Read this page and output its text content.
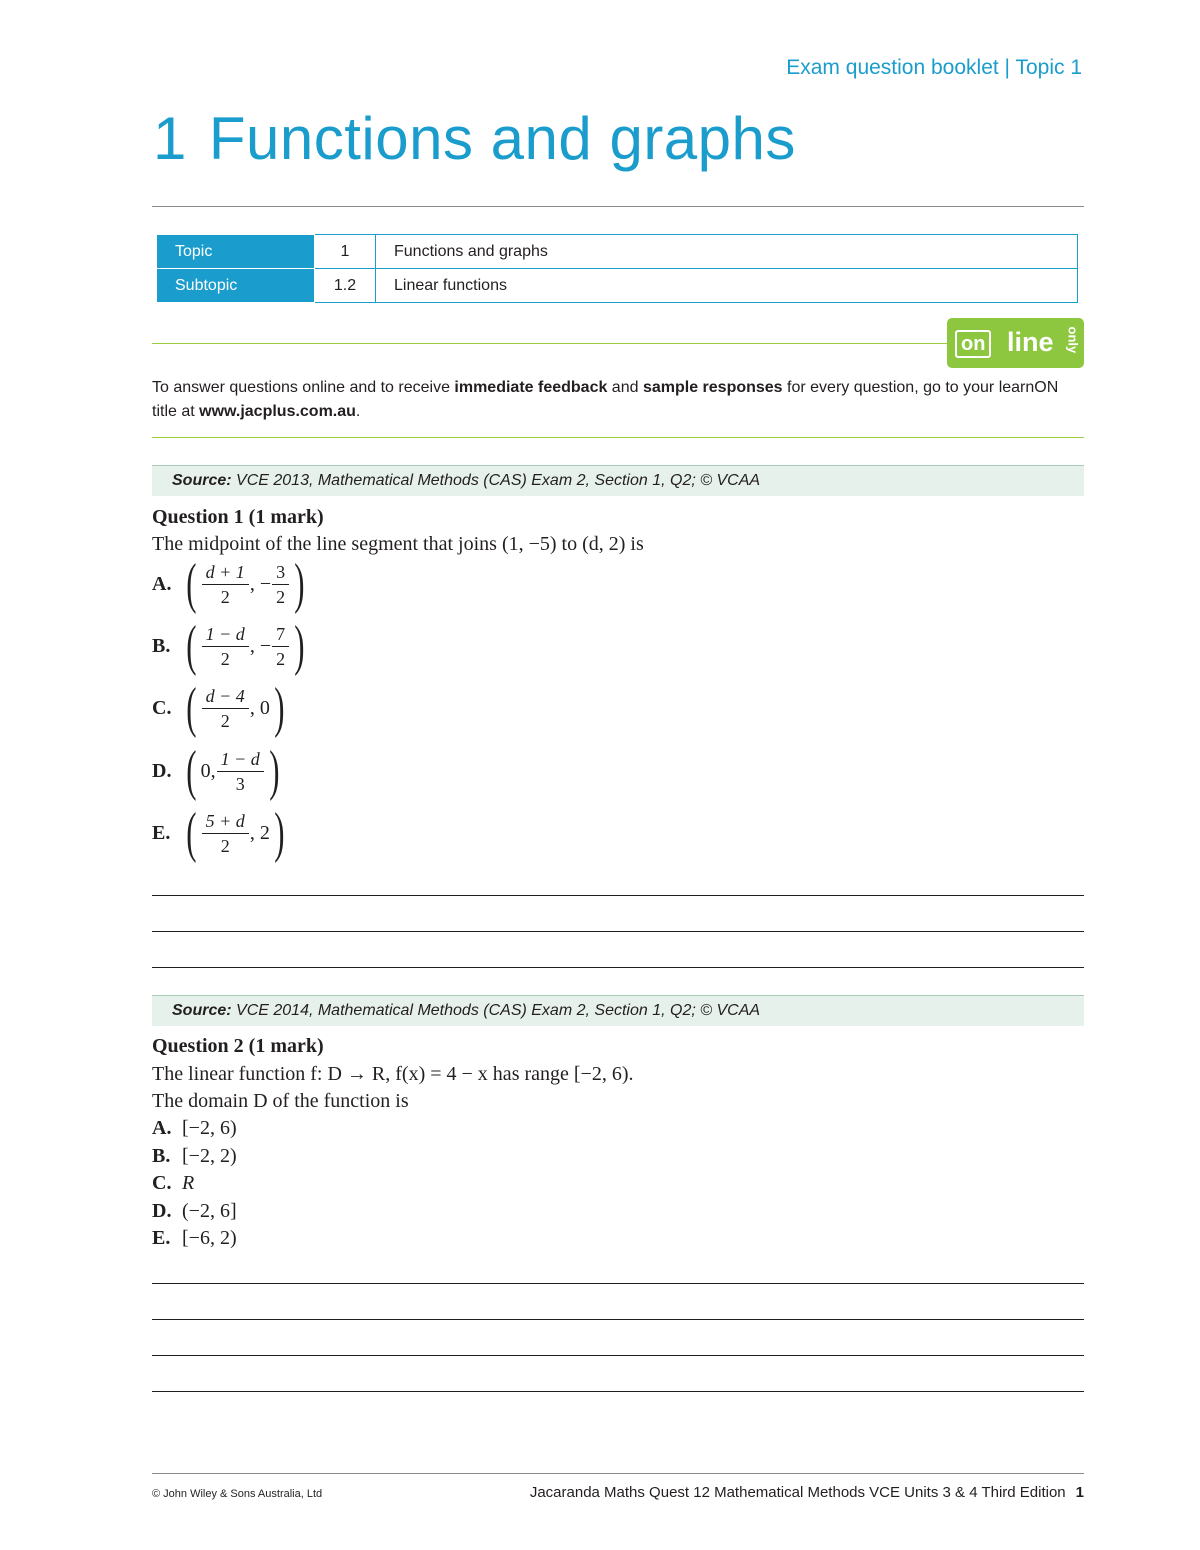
Exam question booklet | Topic 1
1 Functions and graphs
Topic	1	Functions and graphs
Subtopic	1.2	Linear functions
on line only
To answer questions online and to receive immediate feedback and sample responses for every question, go to your learnON title at www.jacplus.com.au.
Source: VCE 2013, Mathematical Methods (CAS) Exam 2, Section 1, Q2; © VCAA
Question 1 (1 mark)
The midpoint of the line segment that joins (1, −5) to (d, 2) is
A. ( $\frac{d + 1}{2}$ , − $\frac{3}{2}$ )
B. ( $\frac{1 - d}{2}$ , − $\frac{7}{2}$ )
C. ( $\frac{d - 4}{2}$ , 0 )
D. ( 0, $\frac{1 - d}{3}$ )
E. ( $\frac{5 + d}{2}$ , 2 )
Source: VCE 2014, Mathematical Methods (CAS) Exam 2, Section 1, Q2; © VCAA
Question 2 (1 mark)
The linear function f: D → R, f(x) = 4 − x has range [−2, 6).
The domain D of the function is
A. [−2, 6)
B. [−2, 2)
C. R
D. (−2, 6]
E. [−6, 2)
© John Wiley & Sons Australia, Ltd	Jacaranda Maths Quest 12 Mathematical Methods VCE Units 3 & 4 Third Edition 1
